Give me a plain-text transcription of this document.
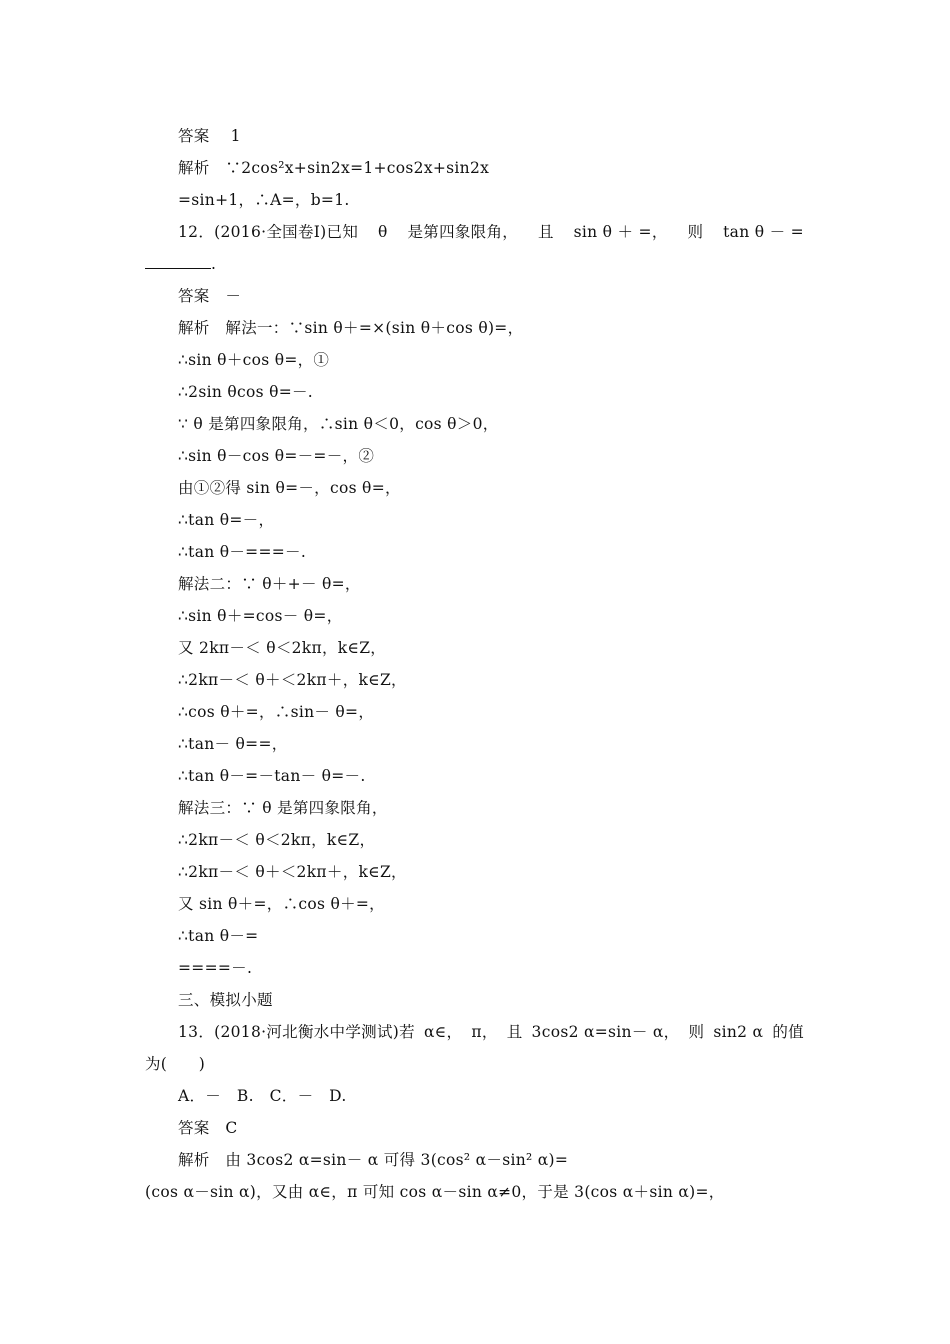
答案　 1
解析　∵2cos²x+sin2x=1+cos2x+sin2x
=sin+1，∴A=，b=1.
12．(2016·全国卷Ⅰ)已知 θ 是第四象限角， 且 sin θ ＋ =， 则 tan θ － =
.
答案　－
解析　解法一：∵sin θ＋=×(sin θ＋cos θ)=，
∴sin θ＋cos θ=，①
∴2sin θcos θ=－.
∵ θ 是第四象限角，∴sin θ＜0，cos θ＞0，
∴sin θ－cos θ=－=－，②
由①②得 sin θ=－，cos θ=，
∴tan θ=－，
∴tan θ－===－.
解法二：∵ θ＋+－ θ=，
∴sin θ＋=cos－ θ=，
又 2kπ－＜ θ＜2kπ，k∈Z，
∴2kπ－＜ θ＋＜2kπ＋，k∈Z，
∴cos θ＋=，∴sin－ θ=，
∴tan－ θ==，
∴tan θ－=－tan－ θ=－.
解法三：∵ θ 是第四象限角，
∴2kπ－＜ θ＜2kπ，k∈Z，
∴2kπ－＜ θ＋＜2kπ＋，k∈Z，
又 sin θ＋=，∴cos θ＋=，
∴tan θ－=
====－.
三、模拟小题
13．(2018·河北衡水中学测试)若 α∈， π， 且 3cos2 α=sin－ α， 则 sin2 α 的值
为(　　)
A．－　B.　C．－　D.
答案　C
解析　由 3cos2 α=sin－ α 可得 3(cos² α－sin² α)=
(cos α－sin α)，又由 α∈，π 可知 cos α－sin α≠0，于是 3(cos α＋sin α)=，
